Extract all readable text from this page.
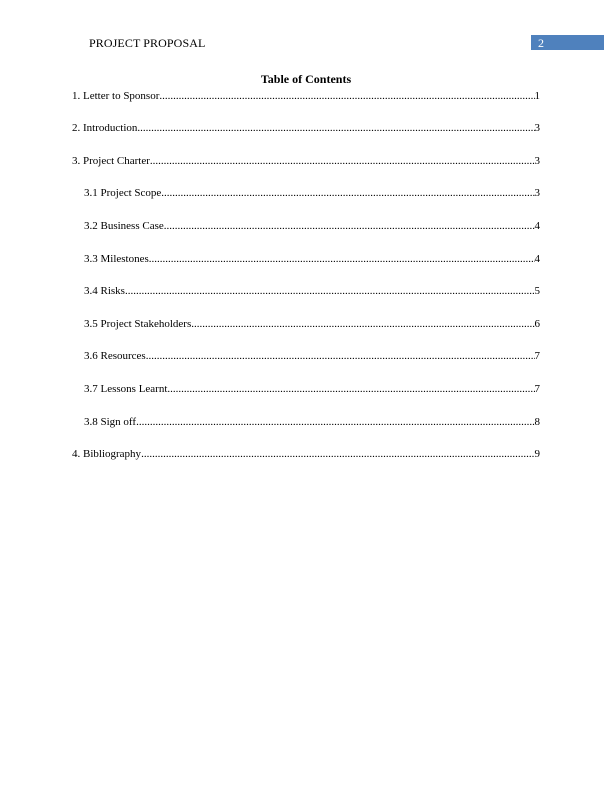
PROJECT PROPOSAL	2
Table of Contents
1. Letter to Sponsor .....	1
2. Introduction .....	3
3. Project Charter .....	3
3.1 Project Scope .....	3
3.2 Business Case .....	4
3.3 Milestones .....	4
3.4 Risks .....	5
3.5 Project Stakeholders .....	6
3.6 Resources .....	7
3.7 Lessons Learnt .....	7
3.8 Sign off .....	8
4. Bibliography .....	9
